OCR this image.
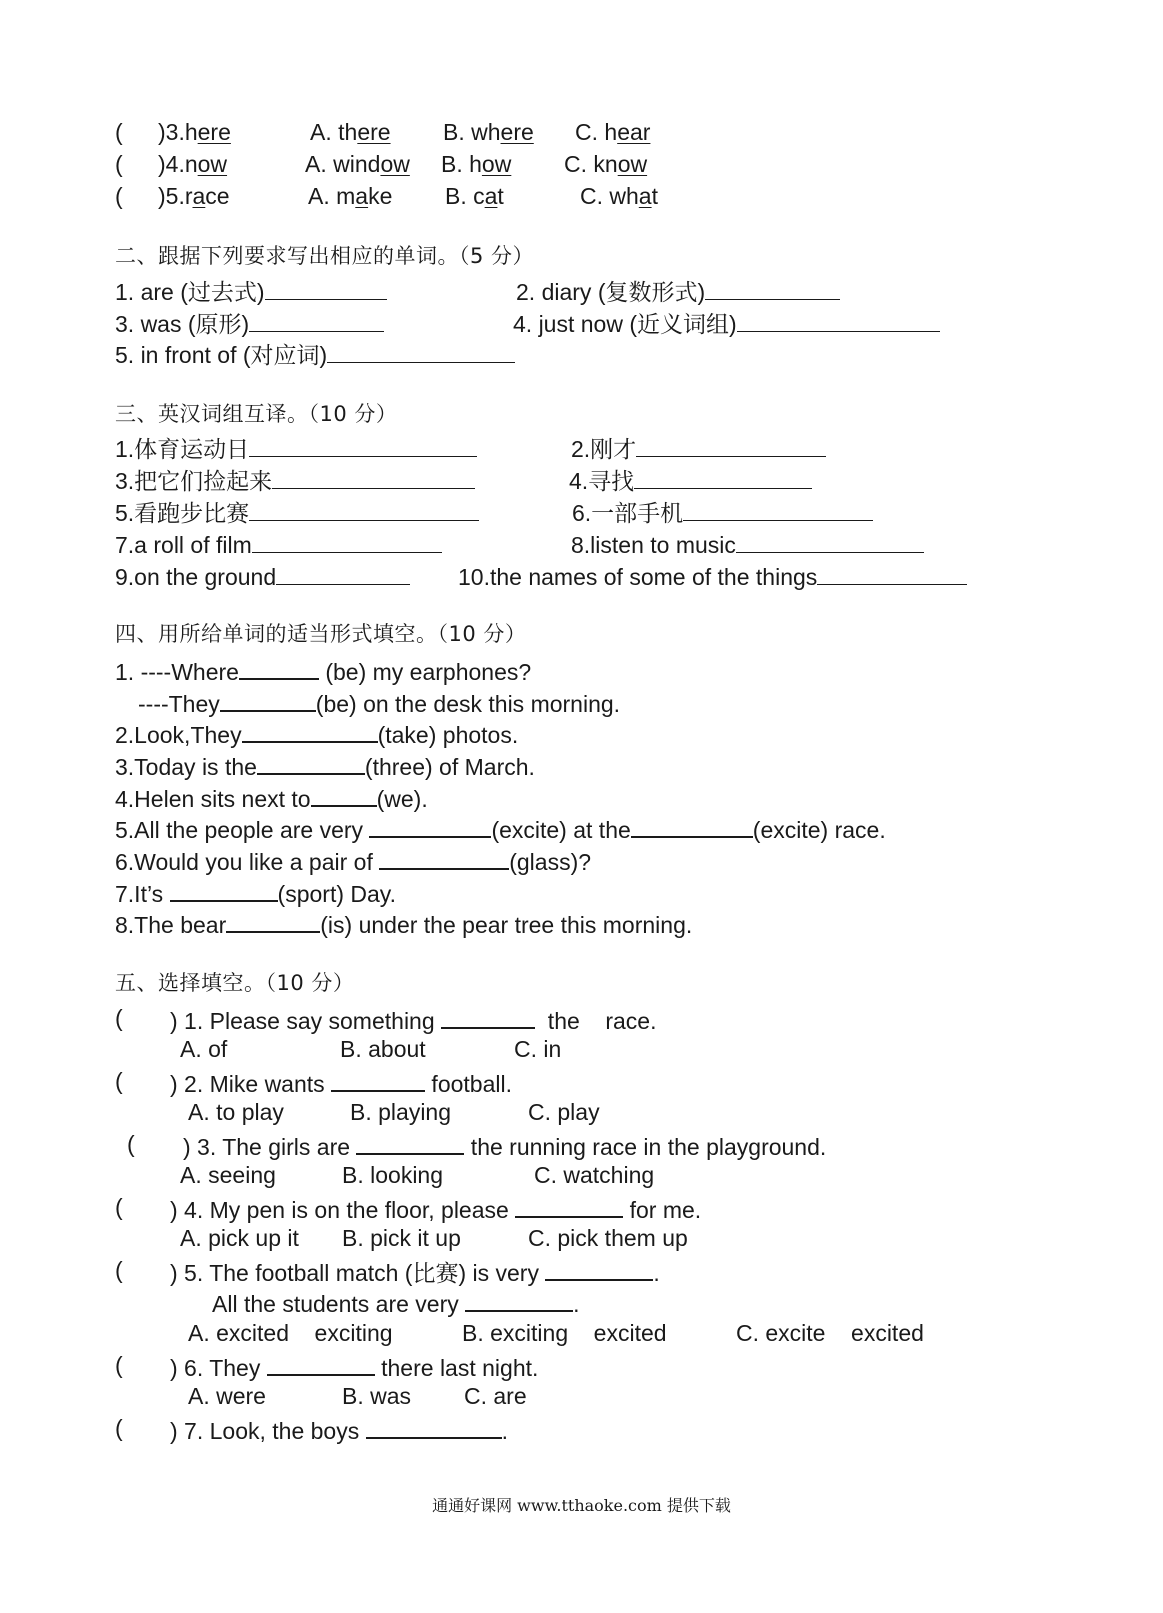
( )3.here	A. there B. where C. hear
( )4.now	A. window B. how C. know
( )5.race	A. make B. cat	C. what
二、跟据下列要求写出相应的单词。（5 分）
1. are (过去式)	2. diary (复数形式)
3. was (原形)	4. just now (近义词组)
5. in front of (对应词)
三、英汉词组互译。（10 分）
1.体育运动日	2.刚才
3.把它们捡起来	4.寻找
5.看跑步比赛	6.一部手机
7.a roll of film	8.listen to music
9.on the ground	10.the names of some of the things
四、用所给单词的适当形式填空。（10 分）
1. ----Where	(be) my earphones?
----They	(be) on the desk this morning.
2.Look,They	(take) photos.
3.Today is the	(three) of March.
4.Helen sits next to	(we).
5.All the people are very	(excite) at the	(excite) race.
6.Would you like a pair of	(glass)?
7.It’s	(sport) Day.
8.The bear	(is) under the pear tree this morning.
五、选择填空。（10 分）
( ) 1. Please say something	the    race.
A. of	B. about	C. in
( ) 2. Mike wants	football.
A. to play	B. playing	C. play
( ) 3. The girls are	the running race in the playground.
A. seeing	B. looking	C. watching
( ) 4. My pen is on the floor, please	for me.
A. pick up it B. pick it up	C. pick them up
( ) 5. The football match (比赛) is very	.
All the students are very	.
A. excited    exciting	B. exciting    excited	C. excite    excited
( ) 6. They	there last night.
A. were	B. was C. are
( ) 7. Look, the boys	.
通通好课网 www.tthaoke.com 提供下载
